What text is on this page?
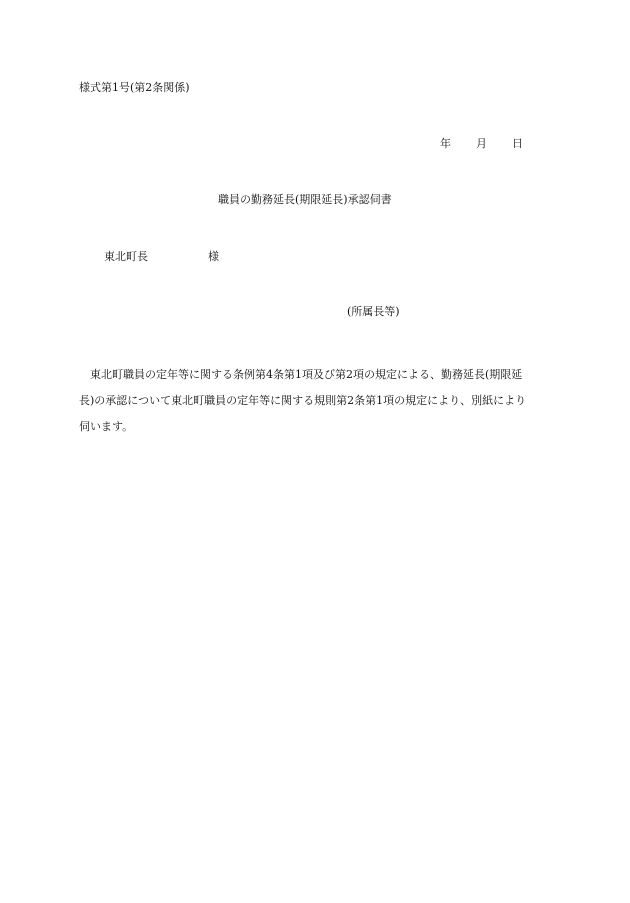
様式第1号(第2条関係)
年 月 日
職員の勤務延長(期限延長)承認伺書
東北町長	様
(所属長等)
東北町職員の定年等に関する条例第4条第1項及び第2項の規定による、勤務延長(期限延
長)の承認について東北町職員の定年等に関する規則第2条第1項の規定により、別紙により
伺います。
